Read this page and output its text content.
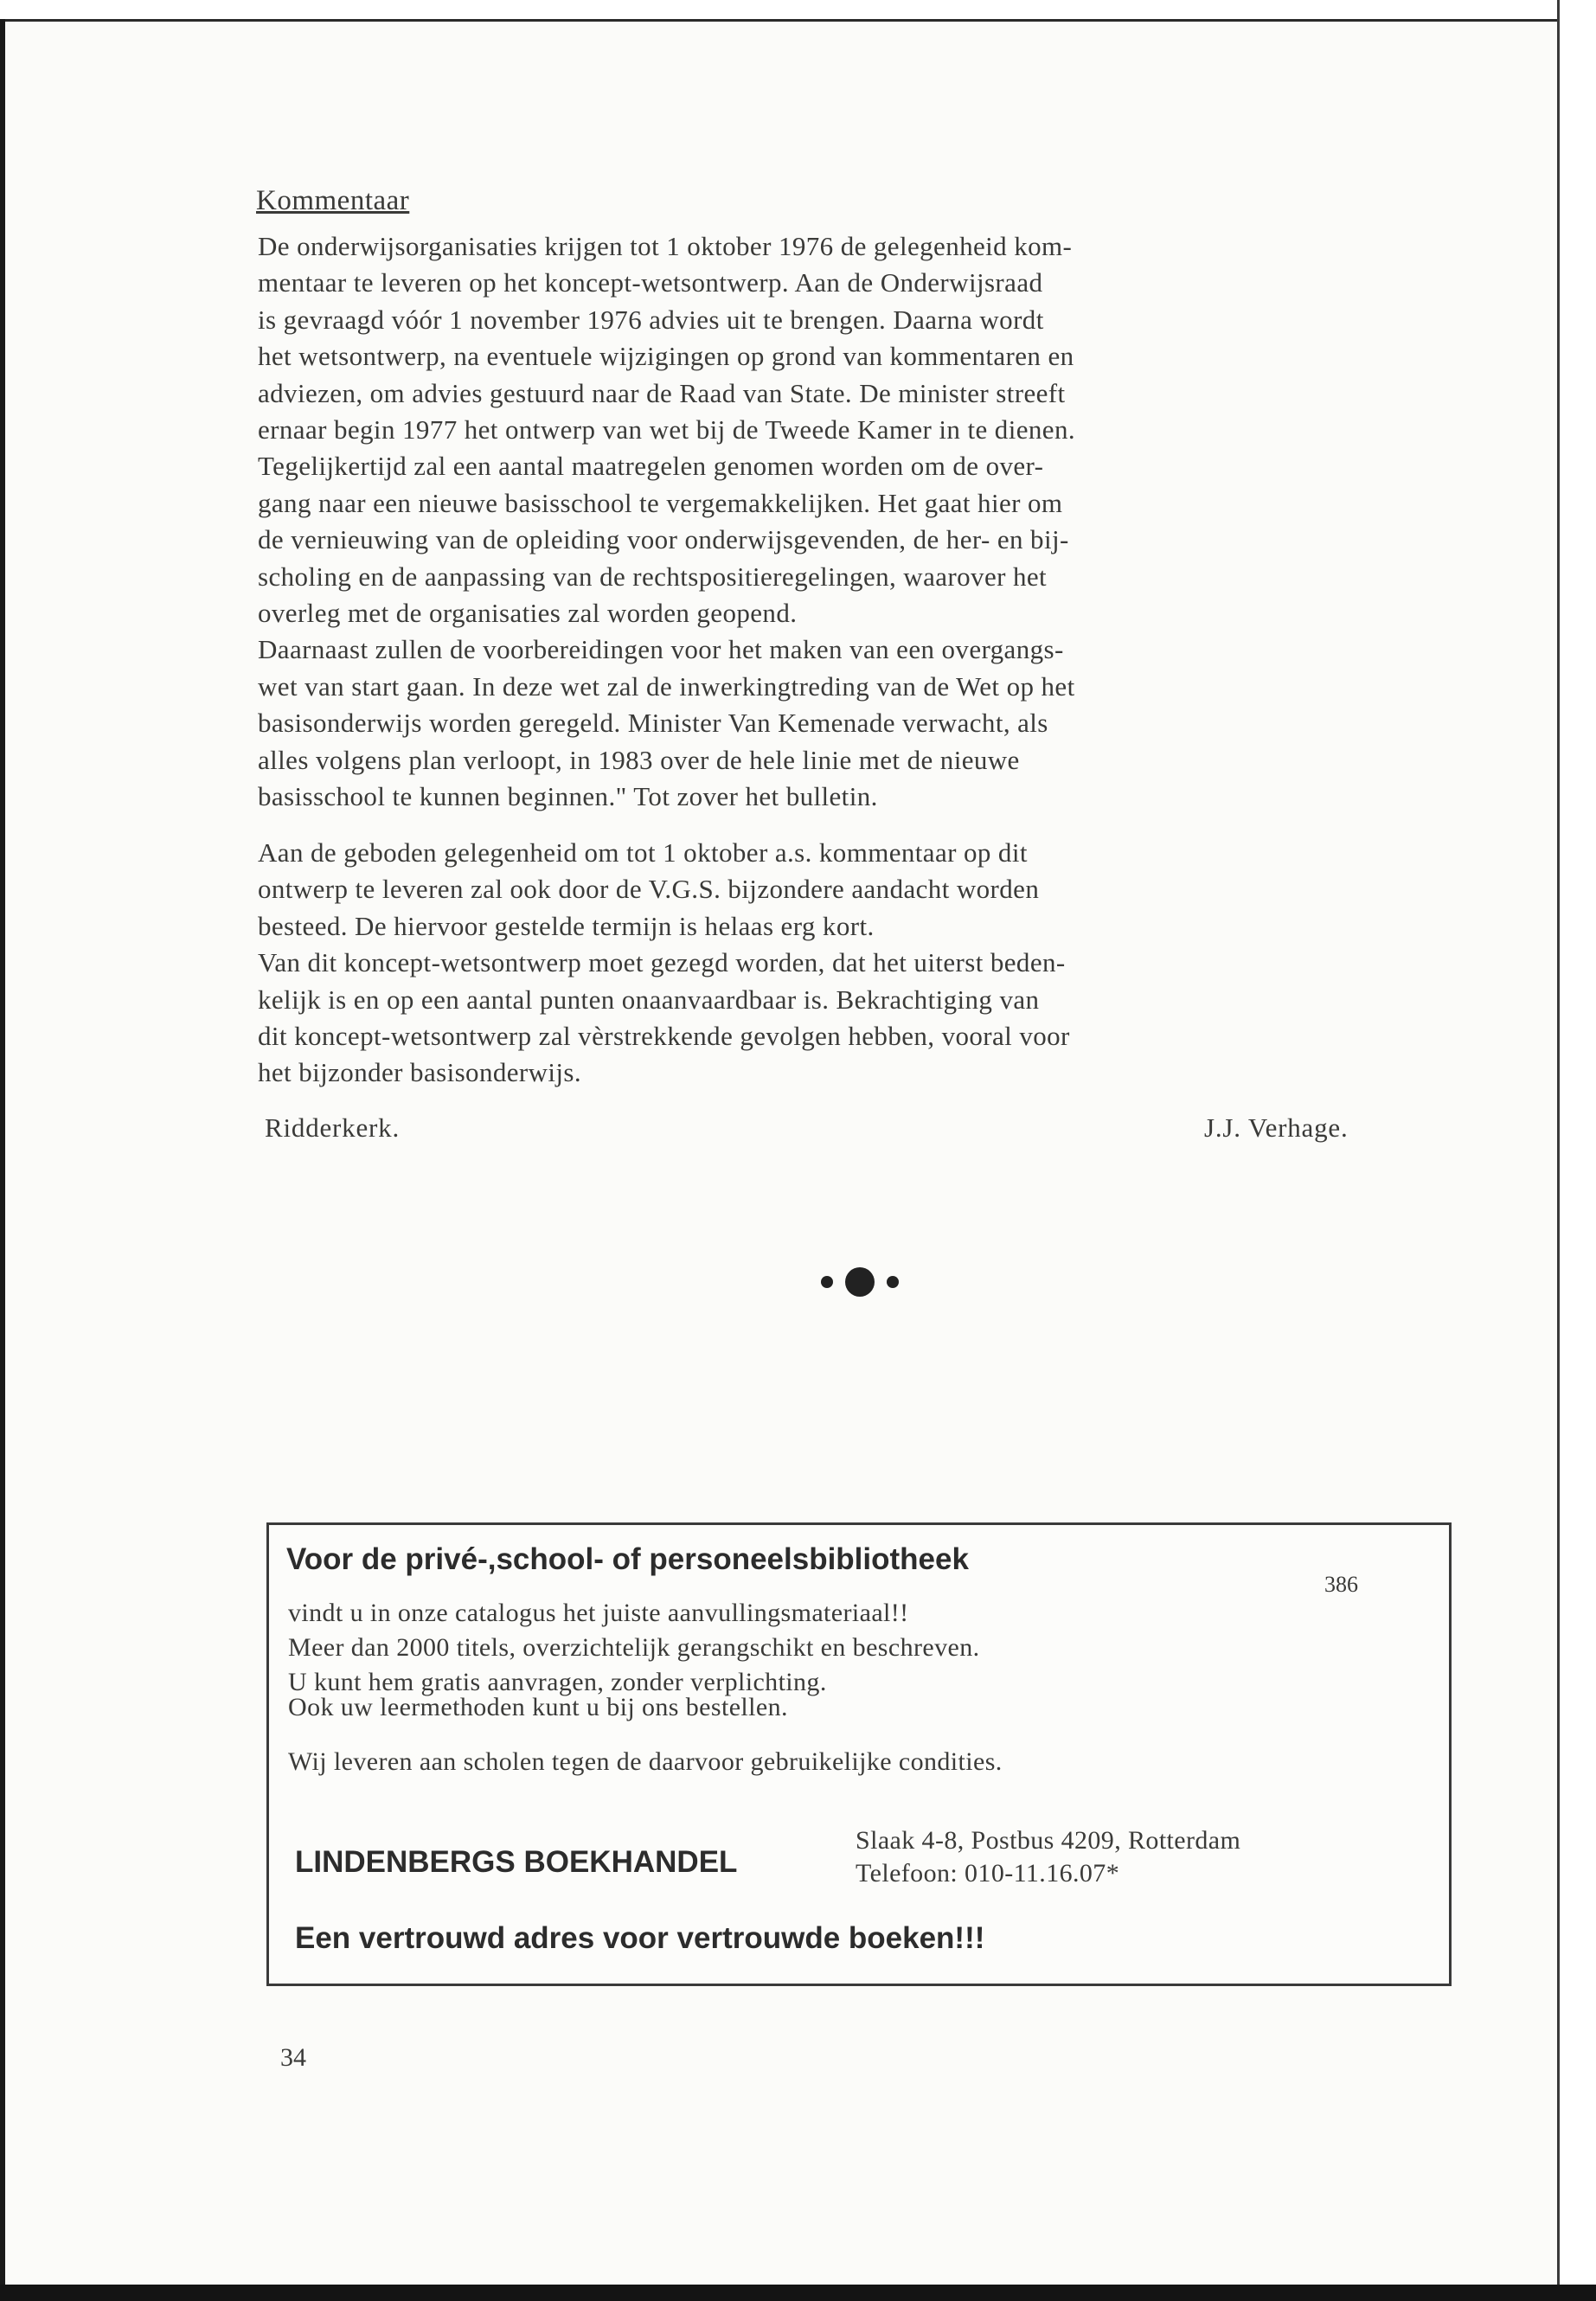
Kommentaar
De onderwijsorganisaties krijgen tot 1 oktober 1976 de gelegenheid kom-
mentaar te leveren op het koncept-wetsontwerp. Aan de Onderwijsraad
is gevraagd vóór 1 november 1976 advies uit te brengen. Daarna wordt
het wetsontwerp, na eventuele wijzigingen op grond van kommentaren en
adviezen, om advies gestuurd naar de Raad van State. De minister streeft
ernaar begin 1977 het ontwerp van wet bij de Tweede Kamer in te dienen.
Tegelijkertijd zal een aantal maatregelen genomen worden om de over-
gang naar een nieuwe basisschool te vergemakkelijken. Het gaat hier om
de vernieuwing van de opleiding voor onderwijsgevenden, de her- en bij-
scholing en de aanpassing van de rechtspositieregelingen, waarover het
overleg met de organisaties zal worden geopend.
Daarnaast zullen de voorbereidingen voor het maken van een overgangs-
wet van start gaan. In deze wet zal de inwerkingtreding van de Wet op het
basisonderwijs worden geregeld. Minister Van Kemenade verwacht, als
alles volgens plan verloopt, in 1983 over de hele linie met de nieuwe
basisschool te kunnen beginnen." Tot zover het bulletin.
Aan de geboden gelegenheid om tot 1 oktober a.s. kommentaar op dit
ontwerp te leveren zal ook door de V.G.S. bijzondere aandacht worden
besteed. De hiervoor gestelde termijn is helaas erg kort.
Van dit koncept-wetsontwerp moet gezegd worden, dat het uiterst beden-
kelijk is en op een aantal punten onaanvaardbaar is. Bekrachtiging van
dit koncept-wetsontwerp zal vèrstrekkende gevolgen hebben, vooral voor
het bijzonder basisonderwijs.
Ridderkerk.	J.J. Verhage.
Voor de privé-,school- of personeelsbibliotheek
386
vindt u in onze catalogus het juiste aanvullingsmateriaal!!
Meer dan 2000 titels, overzichtelijk gerangschikt en beschreven.
U kunt hem gratis aanvragen, zonder verplichting.
Ook uw leermethoden kunt u bij ons bestellen.
Wij leveren aan scholen tegen de daarvoor gebruikelijke condities.
LINDENBERGS BOEKHANDEL
Slaak 4-8, Postbus 4209, Rotterdam
Telefoon: 010-11.16.07*
Een vertrouwd adres voor vertrouwde boeken!!!
34
